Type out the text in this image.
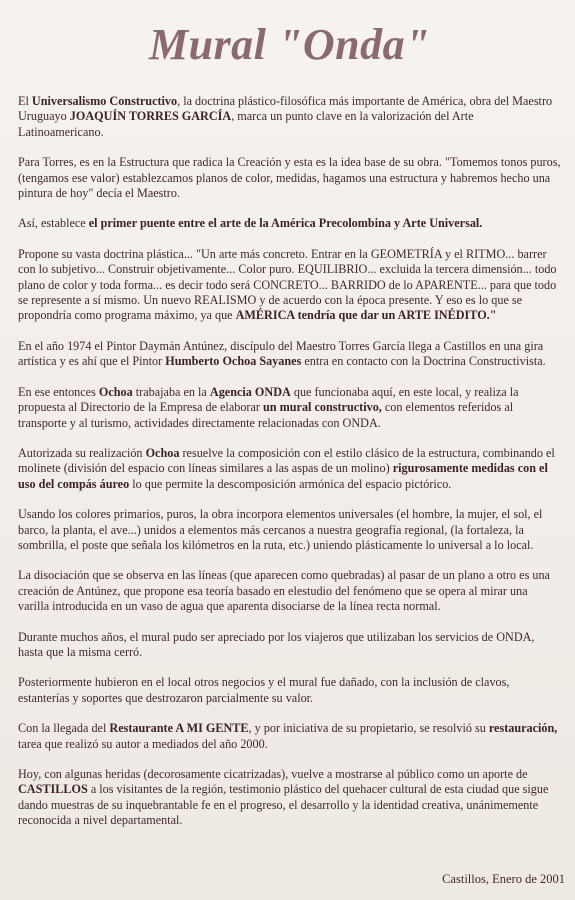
Mural "Onda"

El Universalismo Constructivo, la doctrina plástico-filosófica más importante de América, obra del Maestro Uruguayo JOAQUÍN TORRES GARCÍA, marca un punto clave en la valorización del Arte Latinoamericano.

Para Torres, es en la Estructura que radica la Creación y esta es la idea base de su obra. "Tomemos tonos puros, (tengamos ese valor) establezcamos planos de color, medidas, hagamos una estructura y habremos hecho una pintura de hoy" decía el Maestro.

Así, establece el primer puente entre el arte de la América Precolombina y Arte Universal.

Propone su vasta doctrina plástica... "Un arte más concreto. Entrar en la GEOMETRÍA y el RITMO... barrer con lo subjetivo... Construir objetivamente... Color puro. EQUILIBRIO... excluida la tercera dimensión... todo plano de color y toda forma... es decir todo será CONCRETO... BARRIDO de lo APARENTE... para que todo se represente a sí mismo. Un nuevo REALISMO y de acuerdo con la época presente. Y eso es lo que se propondría como programa máximo, ya que AMÉRICA tendría que dar un ARTE INÉDITO."

En el año 1974 el Pintor Daymán Antúnez, discípulo del Maestro Torres García llega a Castillos en una gira artística y es ahí que el Pintor Humberto Ochoa Sayanes entra en contacto con la Doctrina Constructivista.

En ese entonces Ochoa trabajaba en la Agencia ONDA que funcionaba aquí, en este local, y realiza la propuesta al Directorio de la Empresa de elaborar un mural constructivo, con elementos referidos al transporte y al turismo, actividades directamente relacionadas con ONDA.

Autorizada su realización Ochoa resuelve la composición con el estilo clásico de la estructura, combinando el molinete (división del espacio con líneas similares a las aspas de un molino) rigurosamente medidas con el uso del compás áureo lo que permite la descomposición armónica del espacio pictórico.

Usando los colores primarios, puros, la obra incorpora elementos universales (el hombre, la mujer, el sol, el barco, la planta, el ave...) unidos a elementos más cercanos a nuestra geografía regional, (la fortaleza, la sombrilla, el poste que señala los kilómetros en la ruta, etc.) uniendo plásticamente lo universal a lo local.

La disociación que se observa en las líneas (que aparecen como quebradas) al pasar de un plano a otro es una creación de Antúnez, que propone esa teoría basado en elestudio del fenómeno que se opera al mirar una varilla introducida en un vaso de agua que aparenta disociarse de la línea recta normal.

Durante muchos años, el mural pudo ser apreciado por los viajeros que utilizaban los servicios de ONDA, hasta que la misma cerró.

Posteriormente hubieron en el local otros negocios y el mural fue dañado, con la inclusión de clavos, estanterías y soportes que destrozaron parcialmente su valor.

Con la llegada del Restaurante A MI GENTE, y por iniciativa de su propietario, se resolvió su restauración, tarea que realizó su autor a mediados del año 2000.

Hoy, con algunas heridas (decorosamente cicatrizadas), vuelve a mostrarse al público como un aporte de CASTILLOS a los visitantes de la región, testimonio plástico del quehacer cultural de esta ciudad que sigue dando muestras de su inquebrantable fe en el progreso, el desarrollo y la identidad creativa, unánimemente reconocida a nivel departamental.

Castillos, Enero de 2001
